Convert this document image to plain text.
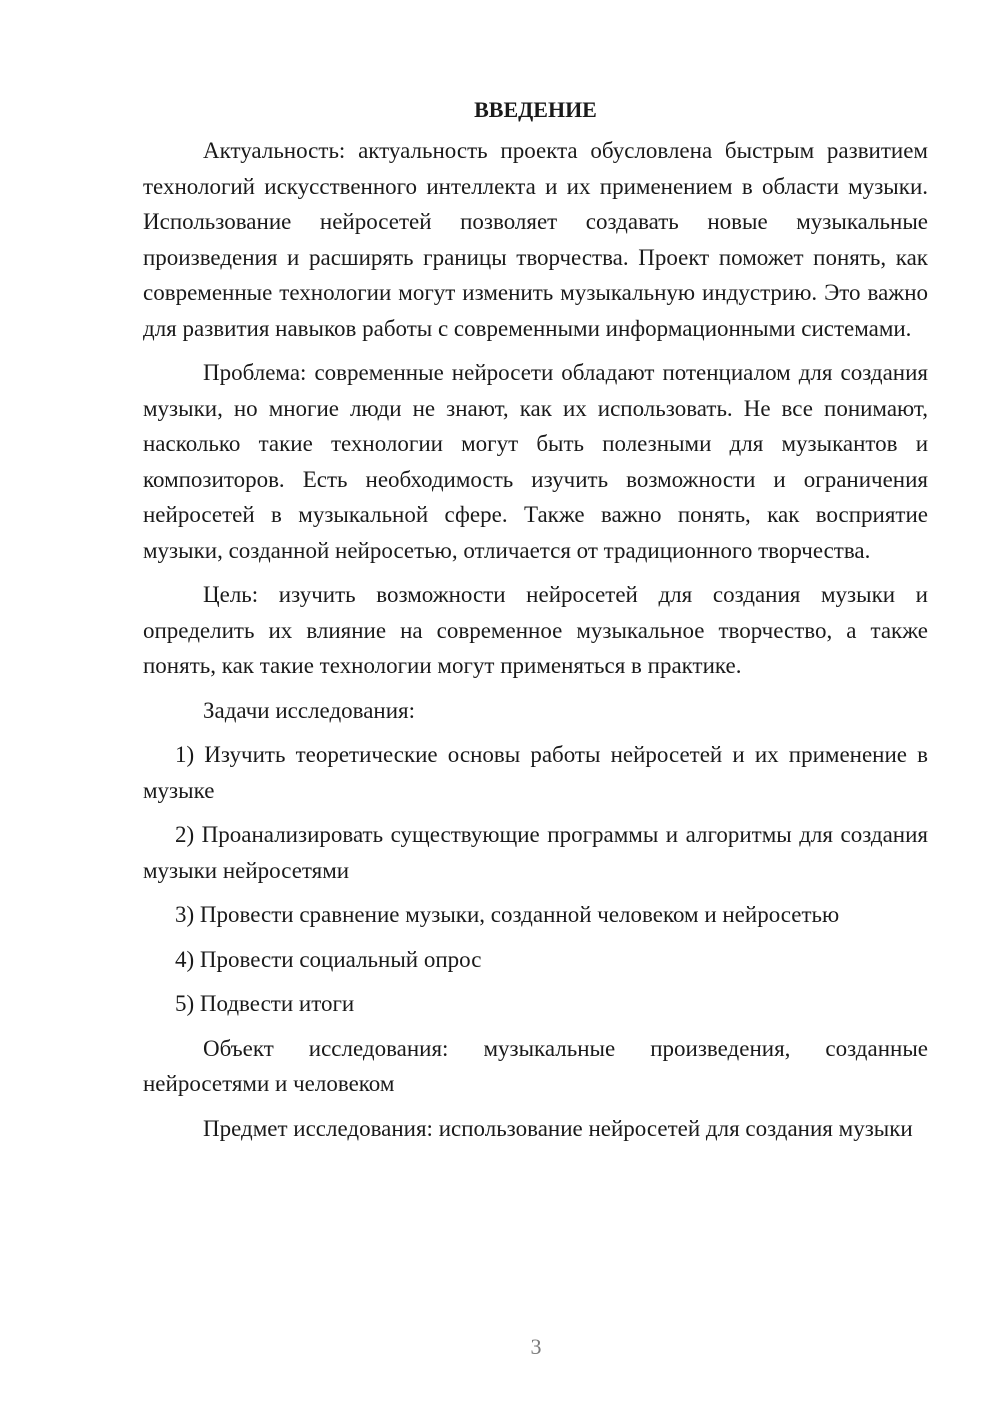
ВВЕДЕНИЕ

Актуальность: актуальность проекта обусловлена быстрым развитием технологий искусственного интеллекта и их применением в области музыки. Использование нейросетей позволяет создавать новые музыкальные произведения и расширять границы творчества. Проект поможет понять, как современные технологии могут изменить музыкальную индустрию. Это важно для развития навыков работы с современными информационными системами.

Проблема: современные нейросети обладают потенциалом для создания музыки, но многие люди не знают, как их использовать. Не все понимают, насколько такие технологии могут быть полезными для музыкантов и композиторов. Есть необходимость изучить возможности и ограничения нейросетей в музыкальной сфере. Также важно понять, как восприятие музыки, созданной нейросетью, отличается от традиционного творчества.

Цель: изучить возможности нейросетей для создания музыки и определить их влияние на современное музыкальное творчество, а также понять, как такие технологии могут применяться в практике.

Задачи исследования:

1) Изучить теоретические основы работы нейросетей и их применение в музыке

2) Проанализировать существующие программы и алгоритмы для создания музыки нейросетями

3) Провести сравнение музыки, созданной человеком и нейросетью

4) Провести социальный опрос

5) Подвести итоги

Объект исследования: музыкальные произведения, созданные нейросетями и человеком

Предмет исследования: использование нейросетей для создания музыки

3
